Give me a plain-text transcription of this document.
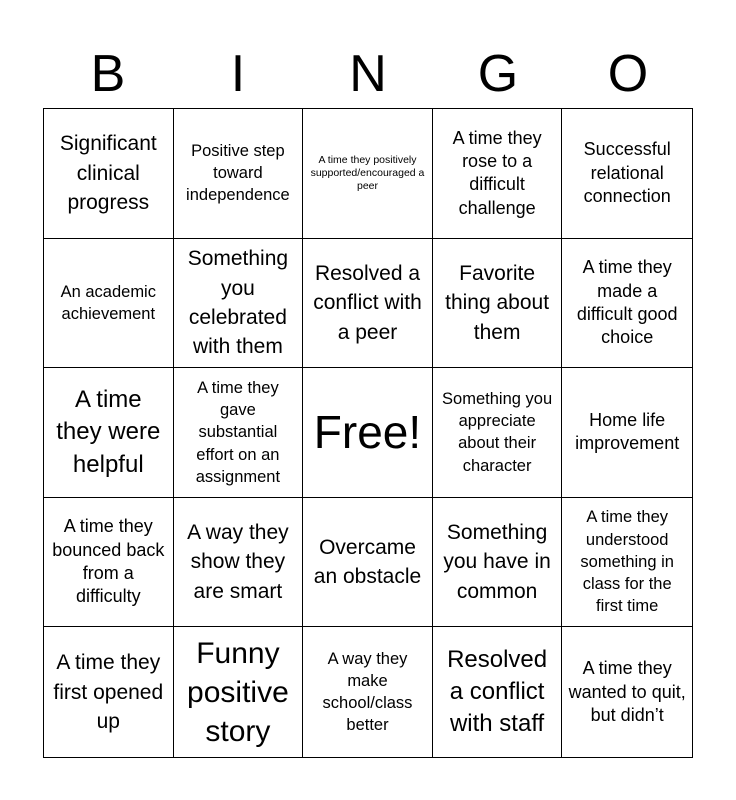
B	I	N	G	O
Significant clinical progress
Positive step toward independence
A time they positively supported/encouraged a peer
A time they rose to a difficult challenge
Successful relational connection
An academic achievement
Something you celebrated with them
Resolved a conflict with a peer
Favorite thing about them
A time they made a difficult good choice
A time they were helpful
A time they gave substantial effort on an assignment
Free!
Something you appreciate about their character
Home life improvement
A time they bounced back from a difficulty
A way they show they are smart
Overcame an obstacle
Something you have in common
A time they understood something in class for the first time
A time they first opened up
Funny positive story
A way they make school/class better
Resolved a conflict with staff
A time they wanted to quit, but didn’t
